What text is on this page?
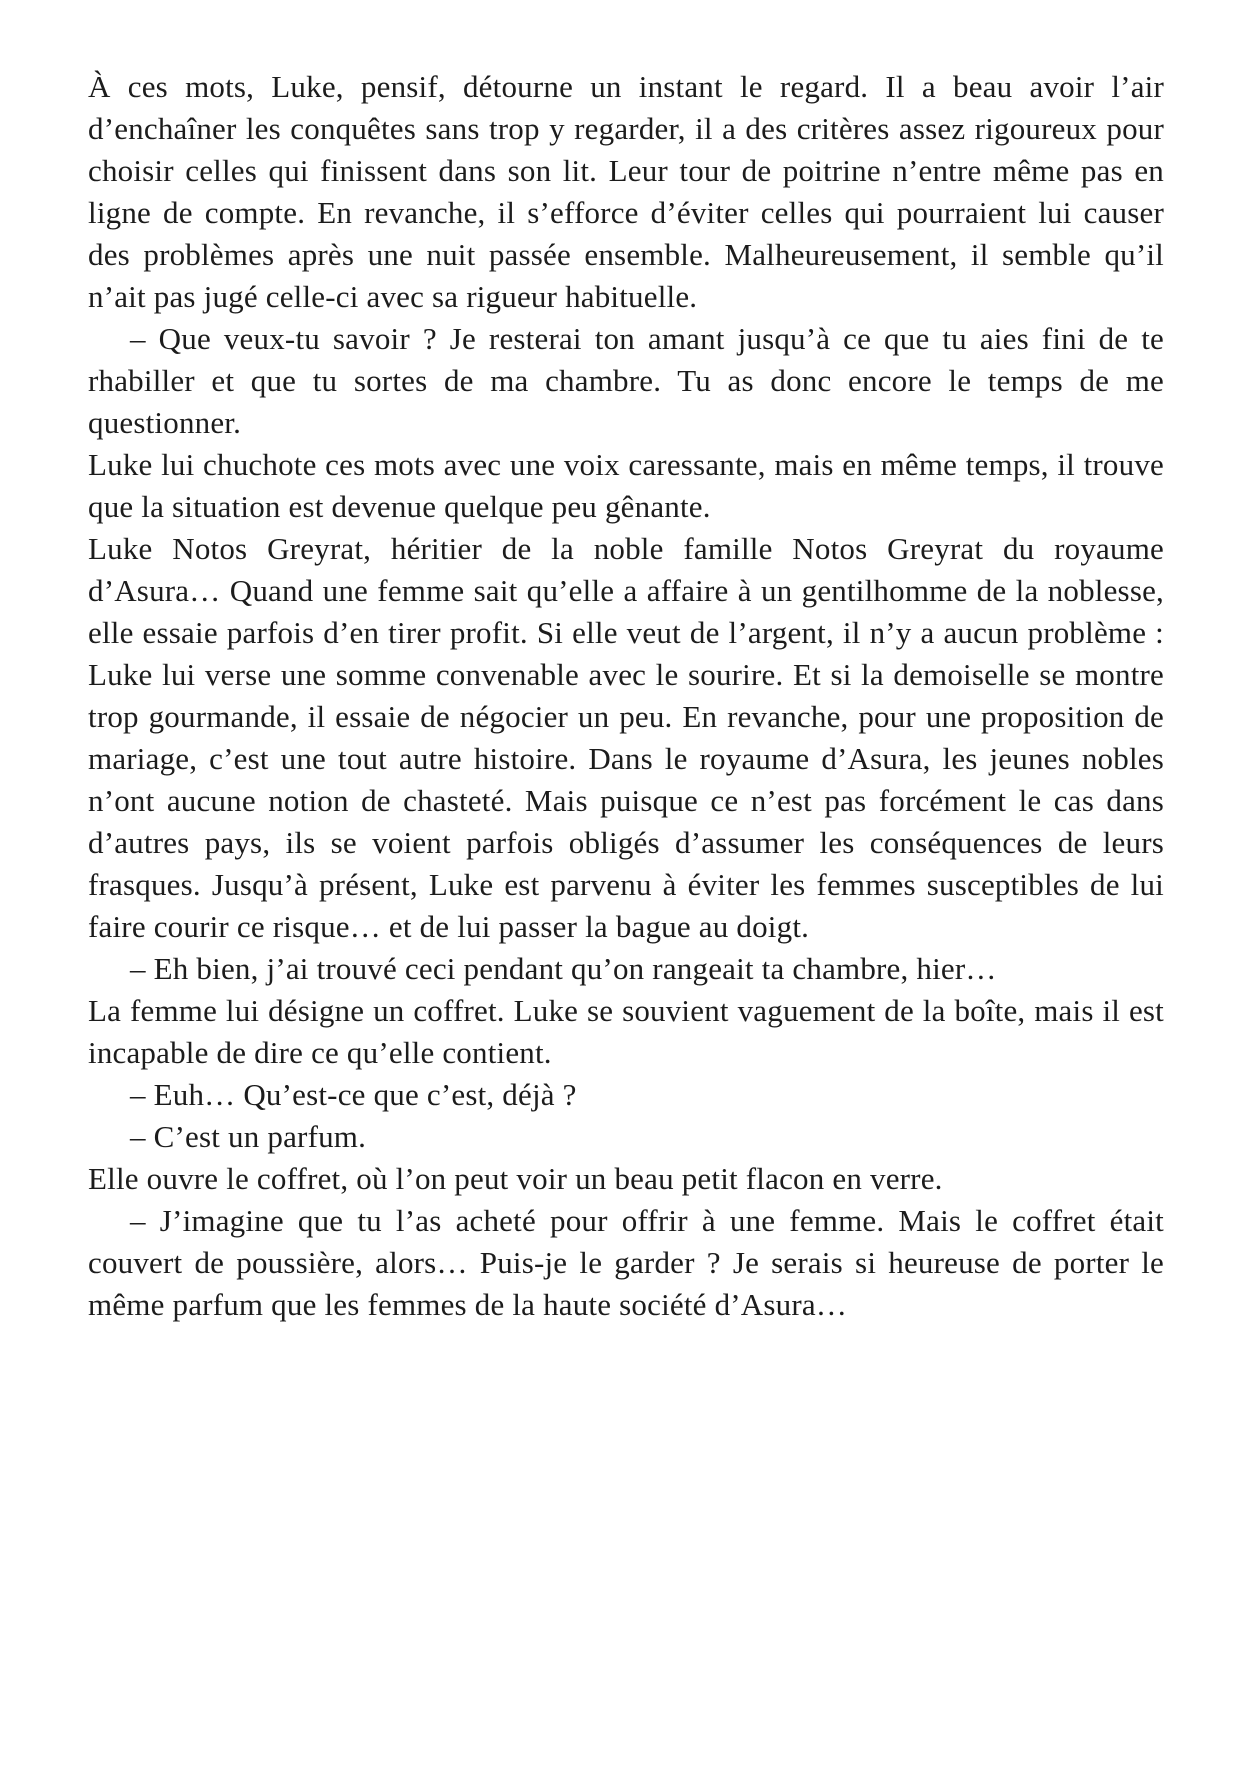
À ces mots, Luke, pensif, détourne un instant le regard. Il a beau avoir l’air d’enchaîner les conquêtes sans trop y regarder, il a des critères assez rigoureux pour choisir celles qui finissent dans son lit. Leur tour de poitrine n’entre même pas en ligne de compte. En revanche, il s’efforce d’éviter celles qui pourraient lui causer des problèmes après une nuit passée ensemble. Malheureusement, il semble qu’il n’ait pas jugé celle-ci avec sa rigueur habituelle.

– Que veux-tu savoir ? Je resterai ton amant jusqu’à ce que tu aies fini de te rhabiller et que tu sortes de ma chambre. Tu as donc encore le temps de me questionner.

Luke lui chuchote ces mots avec une voix caressante, mais en même temps, il trouve que la situation est devenue quelque peu gênante.

Luke Notos Greyrat, héritier de la noble famille Notos Greyrat du royaume d’Asura… Quand une femme sait qu’elle a affaire à un gentilhomme de la noblesse, elle essaie parfois d’en tirer profit. Si elle veut de l’argent, il n’y a aucun problème : Luke lui verse une somme convenable avec le sourire. Et si la demoiselle se montre trop gourmande, il essaie de négocier un peu. En revanche, pour une proposition de mariage, c’est une tout autre histoire. Dans le royaume d’Asura, les jeunes nobles n’ont aucune notion de chasteté. Mais puisque ce n’est pas forcément le cas dans d’autres pays, ils se voient parfois obligés d’assumer les conséquences de leurs frasques. Jusqu’à présent, Luke est parvenu à éviter les femmes susceptibles de lui faire courir ce risque… et de lui passer la bague au doigt.

– Eh bien, j’ai trouvé ceci pendant qu’on rangeait ta chambre, hier…

La femme lui désigne un coffret. Luke se souvient vaguement de la boîte, mais il est incapable de dire ce qu’elle contient.

– Euh… Qu’est-ce que c’est, déjà ?

– C’est un parfum.

Elle ouvre le coffret, où l’on peut voir un beau petit flacon en verre.

– J’imagine que tu l’as acheté pour offrir à une femme. Mais le coffret était couvert de poussière, alors… Puis-je le garder ? Je serais si heureuse de porter le même parfum que les femmes de la haute société d’Asura…
